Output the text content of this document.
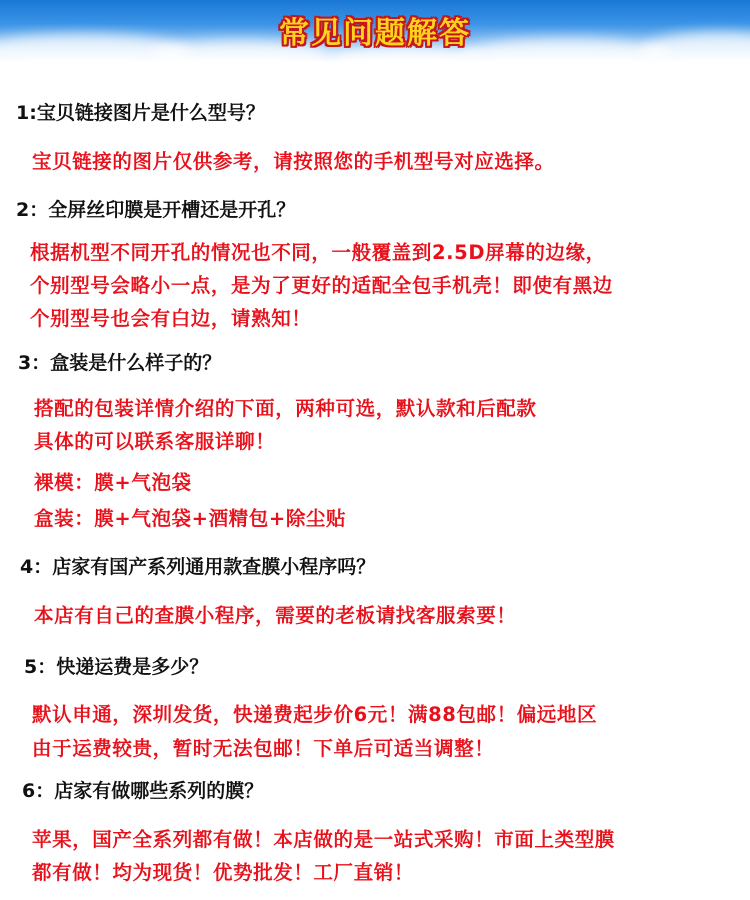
常见问题解答
1:宝贝链接图片是什么型号？
宝贝链接的图片仅供参考，请按照您的手机型号对应选择。
2：全屏丝印膜是开槽还是开孔？
根据机型不同开孔的情况也不同，一般覆盖到2.5D屏幕的边缘，
个别型号会略小一点，是为了更好的适配全包手机壳！即使有黑边
个别型号也会有白边，请熟知！
3：盒装是什么样子的？
搭配的包装详情介绍的下面，两种可选，默认款和后配款
具体的可以联系客服详聊！
裸模：膜+气泡袋
盒装：膜+气泡袋+酒精包+除尘贴
4：店家有国产系列通用款查膜小程序吗？
本店有自己的查膜小程序，需要的老板请找客服索要！
5：快递运费是多少？
默认申通，深圳发货，快递费起步价6元！满88包邮！偏远地区
由于运费较贵，暂时无法包邮！下单后可适当调整！
6：店家有做哪些系列的膜？
苹果，国产全系列都有做！本店做的是一站式采购！市面上类型膜
都有做！均为现货！优势批发！工厂直销！
